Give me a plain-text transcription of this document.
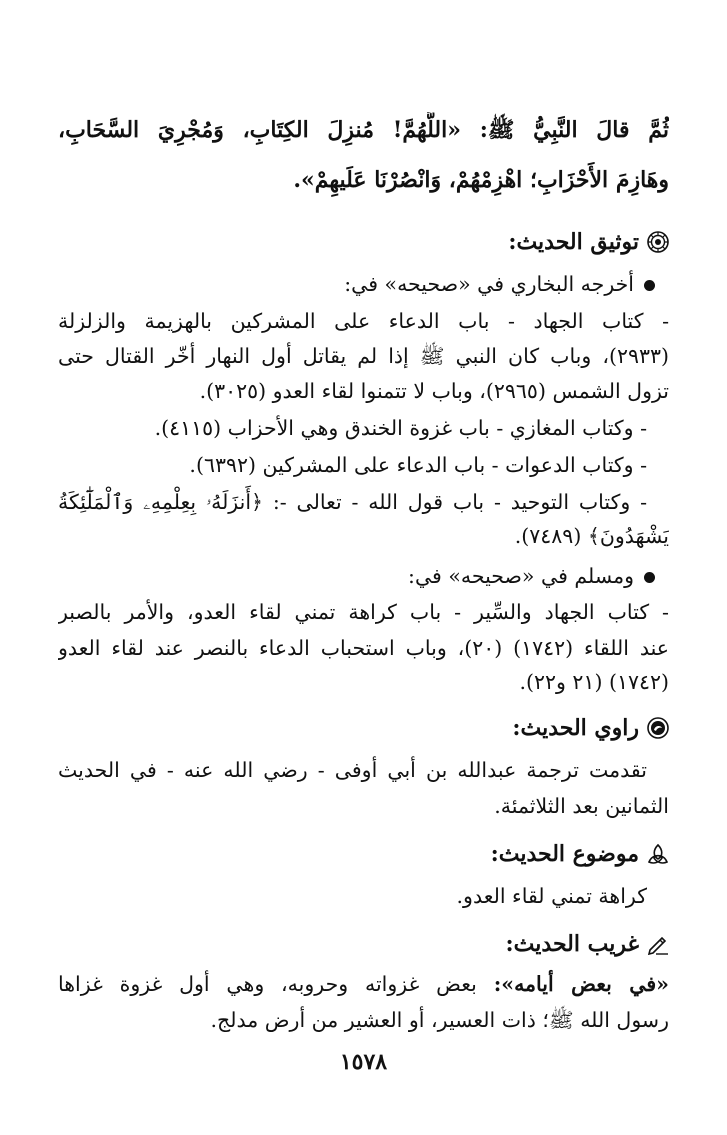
ثُمَّ قالَ النَّبِيُّ ﷺ: «اللَّهُمَّ! مُنزِلَ الكِتَابِ، وَمُجْرِيَ السَّحَابِ،
وهَازِمَ الأَحْزَابِ؛ اهْزِمْهُمْ، وَانْصُرْنَا عَلَيهِمْ».
توثيق الحديث:
أخرجه البخاري في «صحيحه» في:
- كتاب الجهاد - باب الدعاء على المشركين بالهزيمة والزلزلة
(٢٩٣٣)، وباب كان النبي ﷺ إذا لم يقاتل أول النهار أخّر القتال حتى
تزول الشمس (٢٩٦٥)، وباب لا تتمنوا لقاء العدو (٣٠٢٥).
- وكتاب المغازي - باب غزوة الخندق وهي الأحزاب (٤١١٥).
- وكتاب الدعوات - باب الدعاء على المشركين (٦٣٩٢).
- وكتاب التوحيد - باب قول الله - تعالى -: ﴿أَنزَلَهُۥ بِعِلْمِهِۦ وَٱلْمَلَٰٓئِكَةُ
يَشْهَدُونَ﴾ (٧٤٨٩).
ومسلم في «صحيحه» في:
- كتاب الجهاد والسِّير - باب كراهة تمني لقاء العدو، والأمر بالصبر
عند اللقاء (١٧٤٢) (٢٠)، وباب استحباب الدعاء بالنصر عند لقاء العدو
(١٧٤٢) (٢١ و٢٢).
راوي الحديث:
تقدمت ترجمة عبدالله بن أبي أوفى - رضي الله عنه - في الحديث
الثمانين بعد الثلاثمئة.
موضوع الحديث:
كراهة تمني لقاء العدو.
غريب الحديث:
«في بعض أيامه»: بعض غزواته وحروبه، وهي أول غزوة غزاها
رسول الله ﷺ؛ ذات العسير، أو العشير من أرض مدلج.
١٥٧٨
